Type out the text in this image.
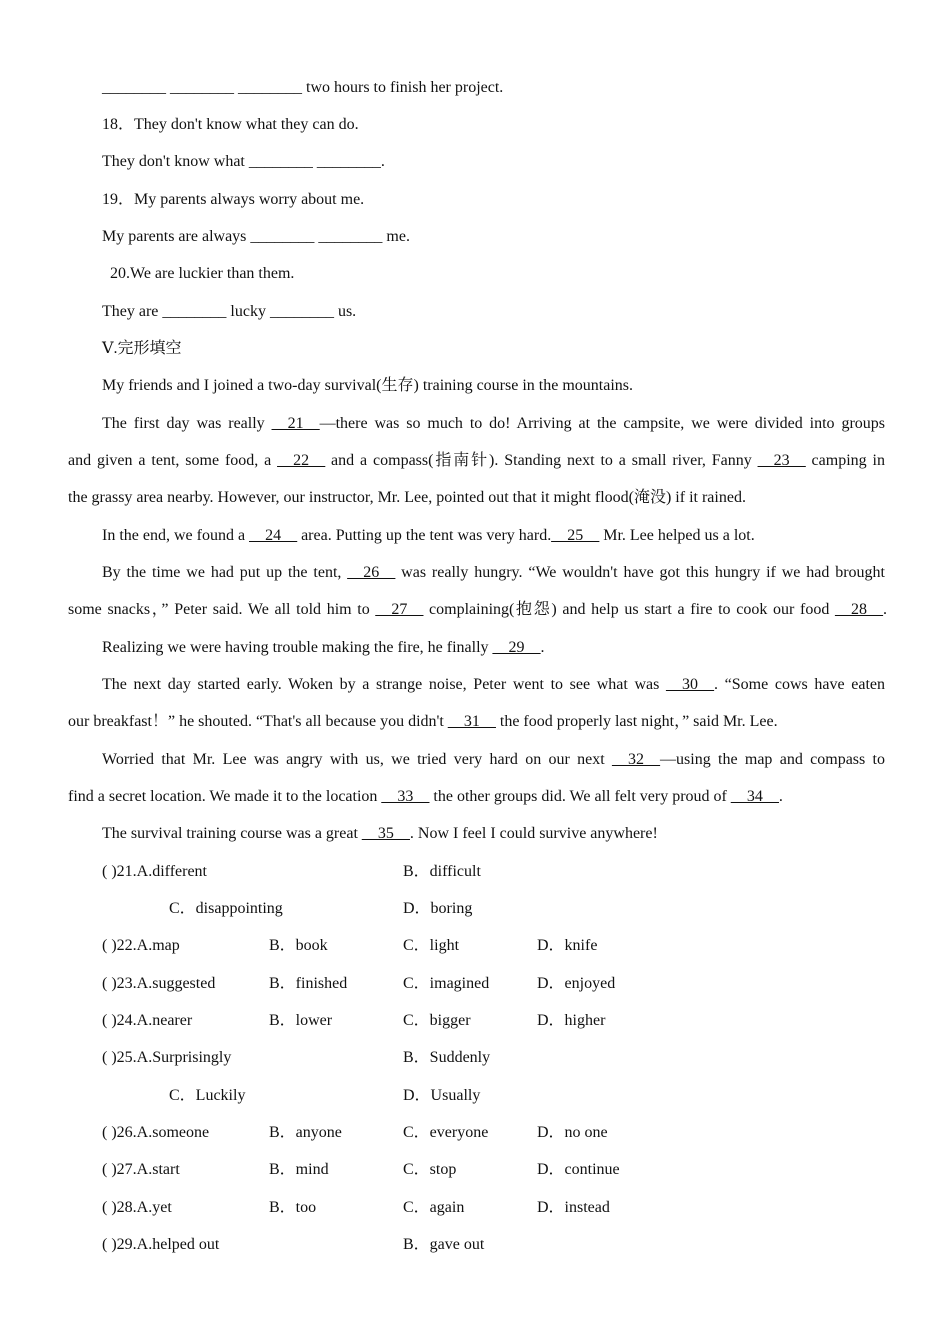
________ ________ ________ two hours to finish her project.
18．They don't know what they can do.
They don't know what ________ ________.
19．My parents always worry about me.
My parents are always ________ ________ me.
20.We are luckier than them.
They are ________ lucky ________ us.
Ⅴ.完形填空
My friends and I joined a two-day survival(生存) training course in the mountains.
The first day was really __21__—there was so much to do! Arriving at the campsite, we were divided into groups
and given a tent, some food, a __22__ and a compass(指南针). Standing next to a small river, Fanny __23__ camping in
the grassy area nearby. However, our instructor, Mr. Lee, pointed out that it might flood(淹没) if it rained.
In the end, we found a __24__ area. Putting up the tent was very hard.__25__ Mr. Lee helped us a lot.
By the time we had put up the tent, __26__ was really hungry. “We wouldn't have got this hungry if we had brought
some snacks，” Peter said. We all told him to __27__ complaining(抱怨) and help us start a fire to cook our food __28__.
Realizing we were having trouble making the fire, he finally __29__.
The next day started early. Woken by a strange noise, Peter went to see what was __30__. “Some cows have eaten
our breakfast！” he shouted. “That's all because you didn't __31__ the food properly last night，” said Mr. Lee.
Worried that Mr. Lee was angry with us, we tried very hard on our next __32__—using the map and compass to
find a secret location. We made it to the location __33__ the other groups did. We all felt very proud of __34__.
The survival training course was a great __35__. Now I feel I could survive anywhere!
( )21.A.different	B．difficult
C．disappointing	D．boring
( )22.A.map	B．book	C．light	D．knife
( )23.A.suggested	B．finished	C．imagined	D．enjoyed
( )24.A.nearer	B．lower	C．bigger	D．higher
( )25.A.Surprisingly	B．Suddenly
C．Luckily	D．Usually
( )26.A.someone	B．anyone	C．everyone	D．no one
( )27.A.start	B．mind	C．stop	D．continue
( )28.A.yet	B．too	C．again	D．instead
( )29.A.helped out	B．gave out
